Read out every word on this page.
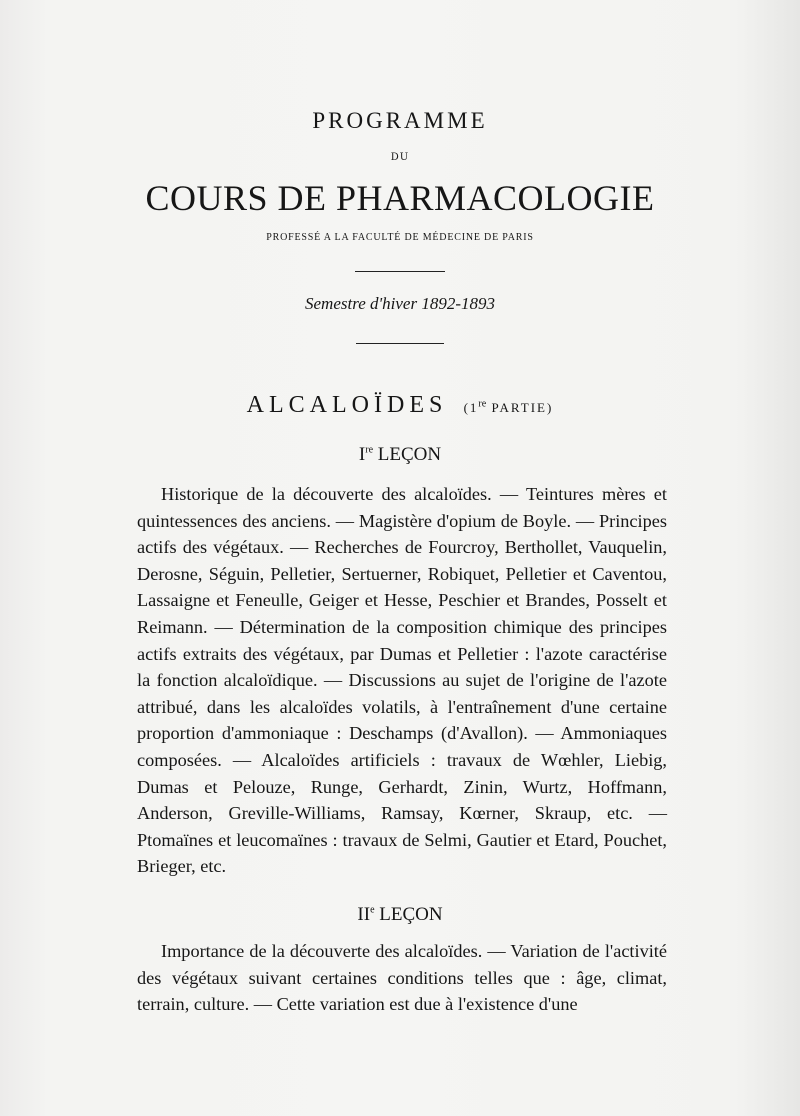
PROGRAMME
DU
COURS DE PHARMACOLOGIE
PROFESSÉ A LA FACULTÉ DE MÉDECINE DE PARIS
Semestre d'hiver 1892-1893
ALCALOÏDES (1re PARTIE)
Ire LEÇON

Historique de la découverte des alcaloïdes. — Teintures mères et quintessences des anciens. — Magistère d'opium de Boyle. — Principes actifs des végétaux. — Recherches de Fourcroy, Berthollet, Vauquelin, Derosne, Séguin, Pelletier, Sertuerner, Robiquet, Pelletier et Caventou, Lassaigne et Feneulle, Geiger et Hesse, Peschier et Brandes, Posselt et Reimann. — Détermination de la composition chimique des principes actifs extraits des végétaux, par Dumas et Pelletier : l'azote caractérise la fonction alcaloïdique. — Discussions au sujet de l'origine de l'azote attribué, dans les alcaloïdes volatils, à l'entraînement d'une certaine proportion d'ammoniaque : Deschamps (d'Avallon). — Ammoniaques composées. — Alcaloïdes artificiels : travaux de Wœhler, Liebig, Dumas et Pelouze, Runge, Gerhardt, Zinin, Wurtz, Hoffmann, Anderson, Greville-Williams, Ramsay, Kœrner, Skraup, etc. — Ptomaïnes et leucomaïnes : travaux de Selmi, Gautier et Etard, Pouchet, Brieger, etc.

IIe LEÇON

Importance de la découverte des alcaloïdes. — Variation de l'activité des végétaux suivant certaines conditions telles que : âge, climat, terrain, culture. — Cette variation est due à l'existence d'une
